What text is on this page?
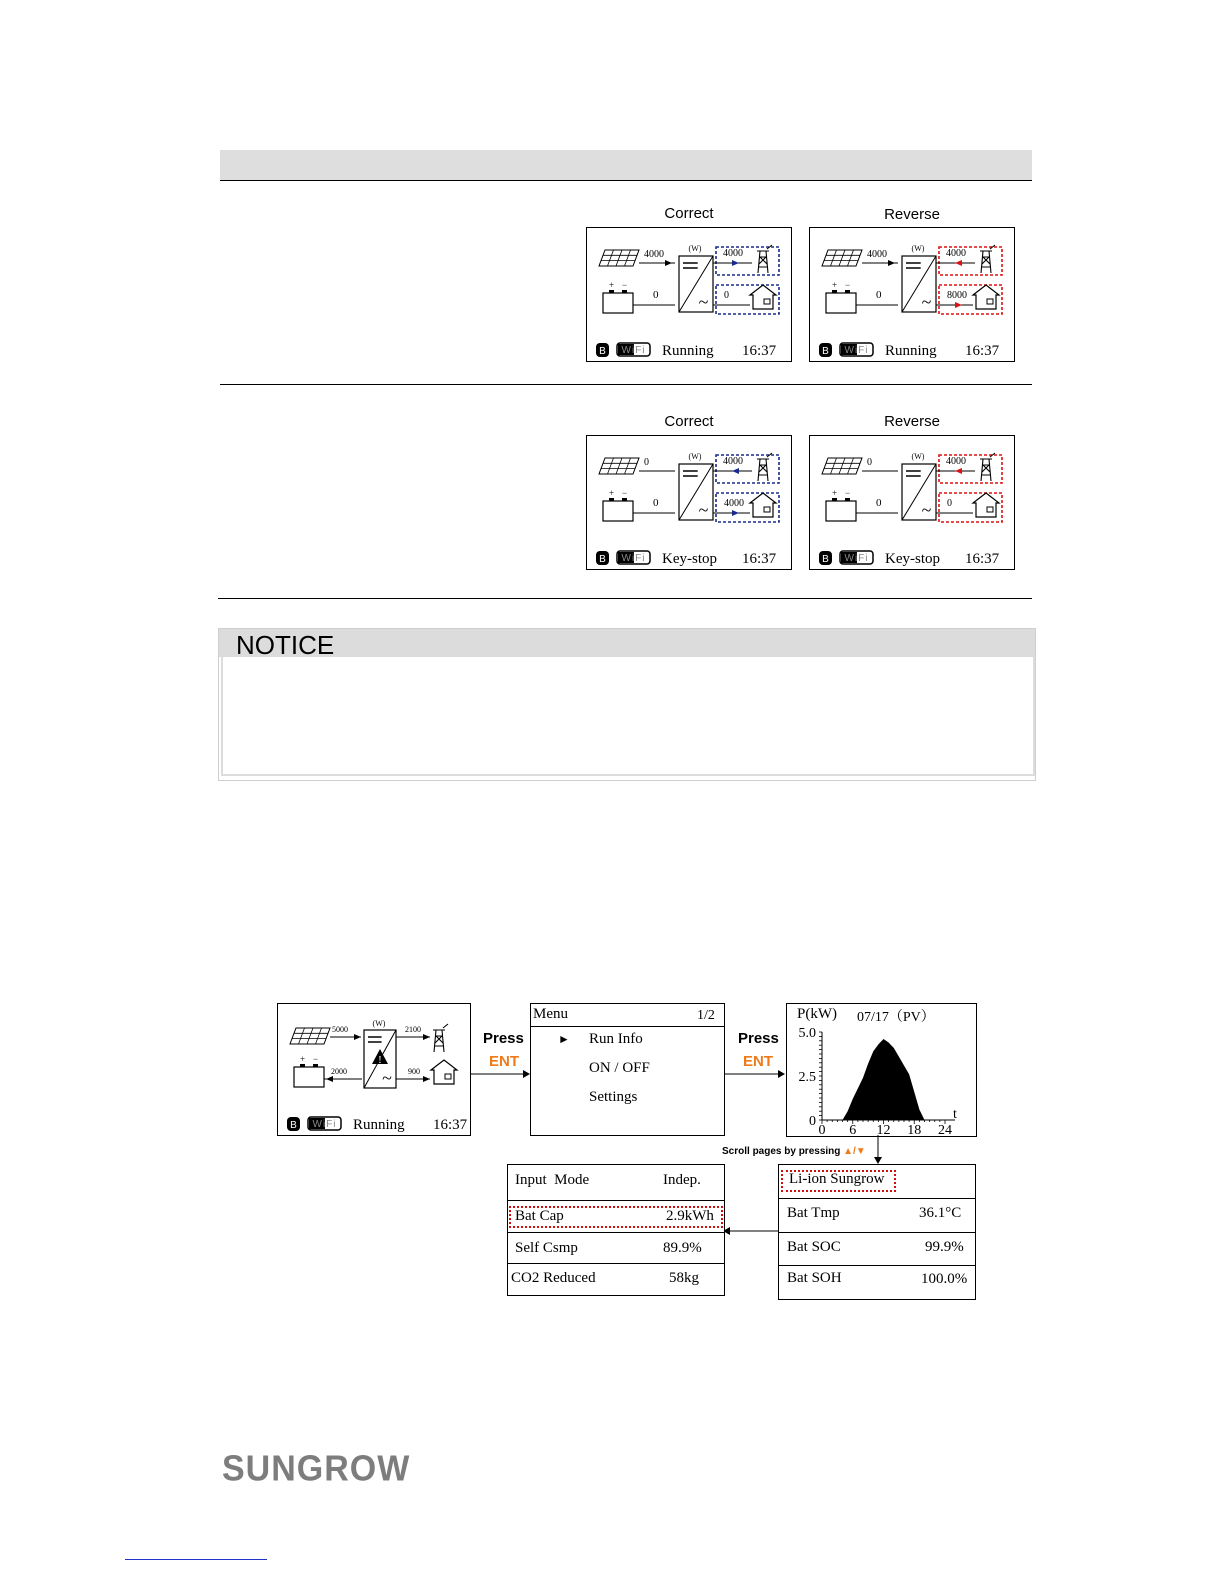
Correct	Reverse
Correct	Reverse
4000
+ −
0 ~
(W) 4000
0
B WiFi Running 16:37
4000
+ −
0 ~
(W) 4000
8000
B WiFi Running 16:37
0
+ −
0 ~
(W) 4000
4000
B WiFi Key-stop 16:37
0
+ −
0 ~
(W) 4000
0
B WiFi Key-stop 16:37
NOTICE
5000
(W)
~
!
2100
+ −
2000	900
B WiFi Running 16:37
Press
ENT
Menu	1/2
► Run Info
ON / OFF
Settings
Press
ENT
P(kW) 07/17（PV）
0
2.5
5.0
0 6 12 18 24
t
Scroll pages by pressing ▲/▼
Li-ion Sungrow
Bat Tmp	36.1°C
Bat SOC	99.9%
Bat SOH	100.0%
Input  Mode	Indep.
Bat Cap	2.9kWh
Self Csmp	89.9%
CO2 Reduced	58kg
SUNGROW
